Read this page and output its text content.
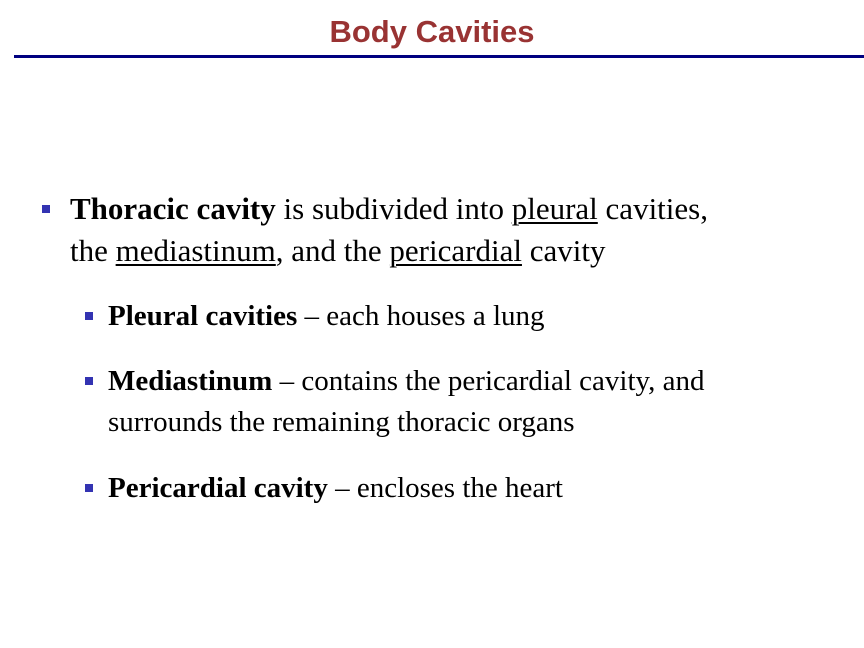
Body Cavities
Thoracic cavity is subdivided into pleural cavities,
the mediastinum, and the pericardial cavity
Pleural cavities – each houses a lung
Mediastinum – contains the pericardial cavity, and
surrounds the remaining thoracic organs
Pericardial cavity – encloses the heart
